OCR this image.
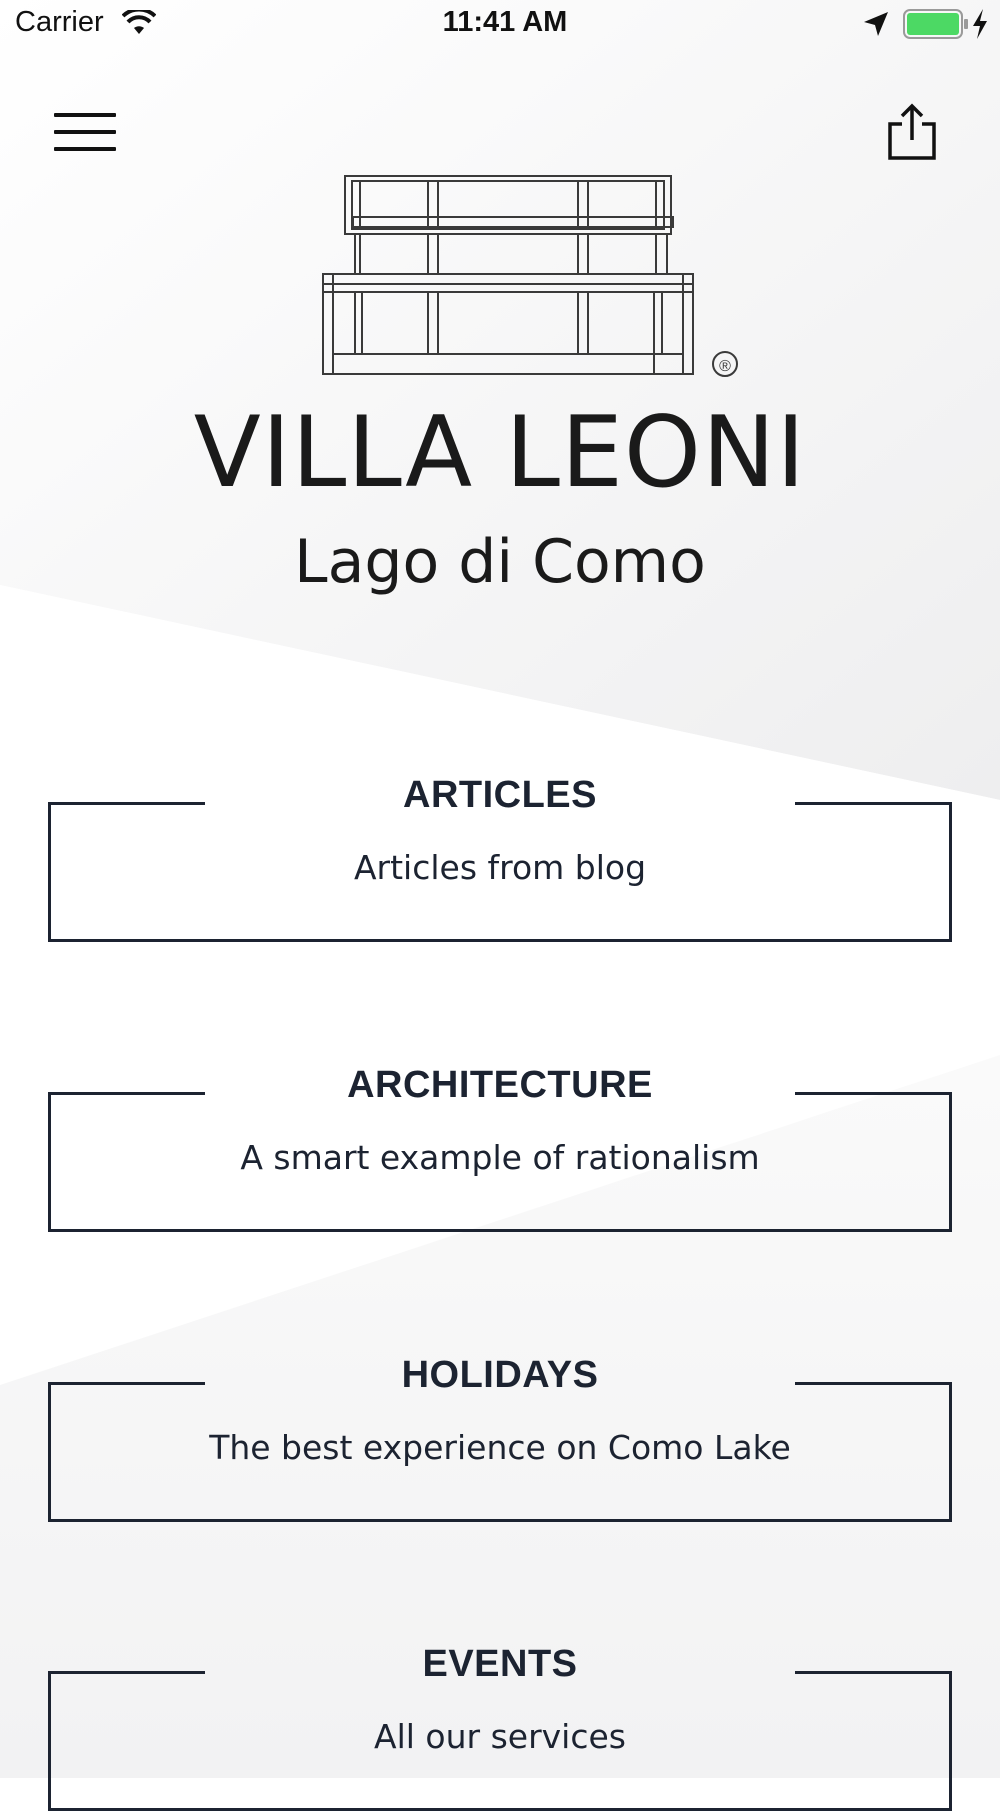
Carrier	11:41 AM
®
VILLA LEONI
Lago di Como
ARTICLES
Articles from blog
ARCHITECTURE
A smart example of rationalism
HOLIDAYS
The best experience on Como Lake
EVENTS
All our services
